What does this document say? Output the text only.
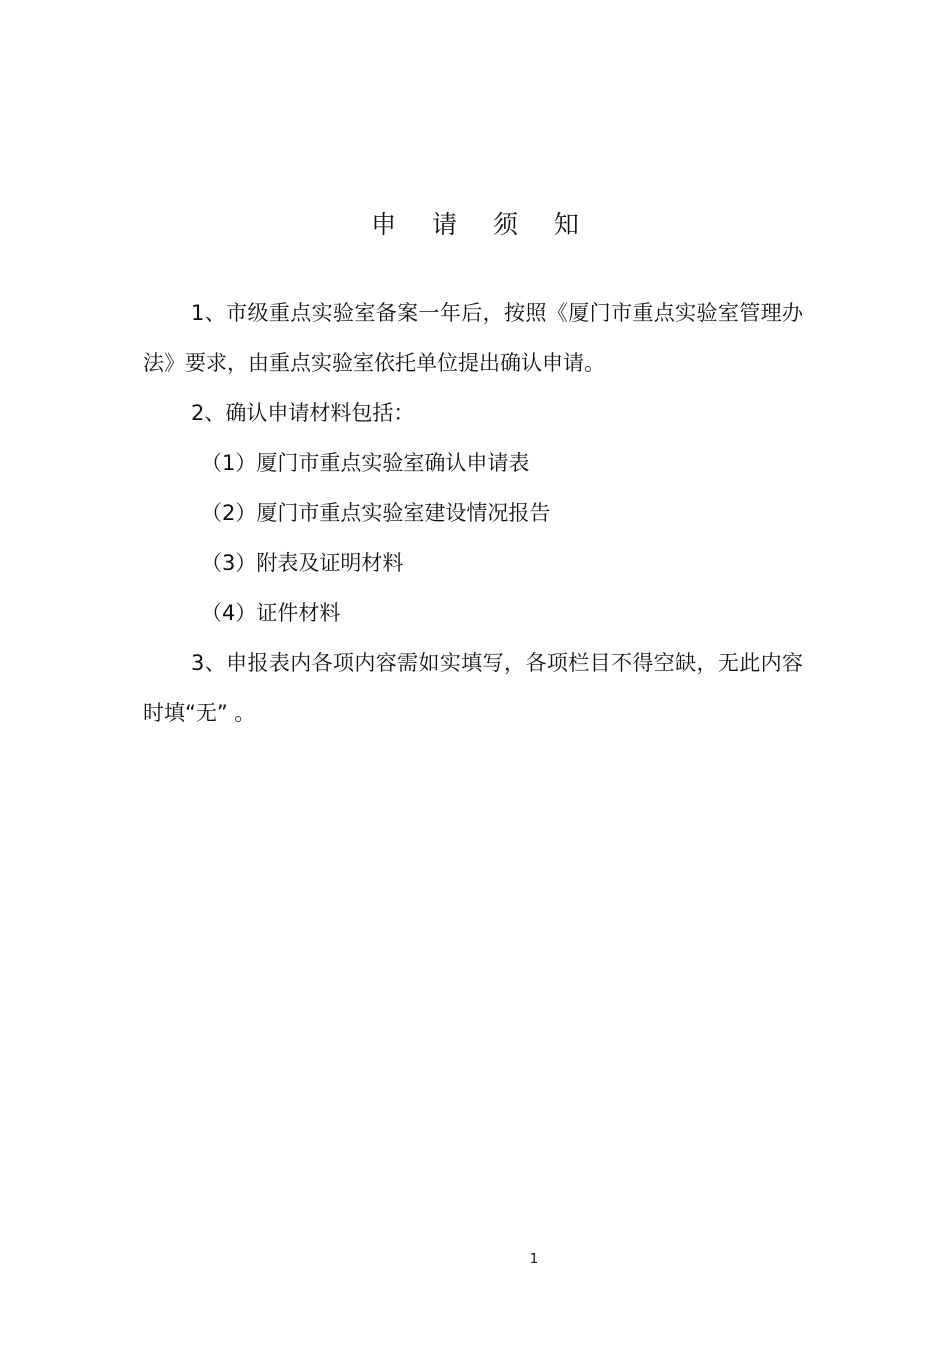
申 请 须 知

1、市级重点实验室备案一年后，按照《厦门市重点实验室管理办法》要求，由重点实验室依托单位提出确认申请。

2、确认申请材料包括：

（1）厦门市重点实验室确认申请表

（2）厦门市重点实验室建设情况报告

（3）附表及证明材料

（4）证件材料

3、申报表内各项内容需如实填写，各项栏目不得空缺，无此内容时填“无” 。

1
